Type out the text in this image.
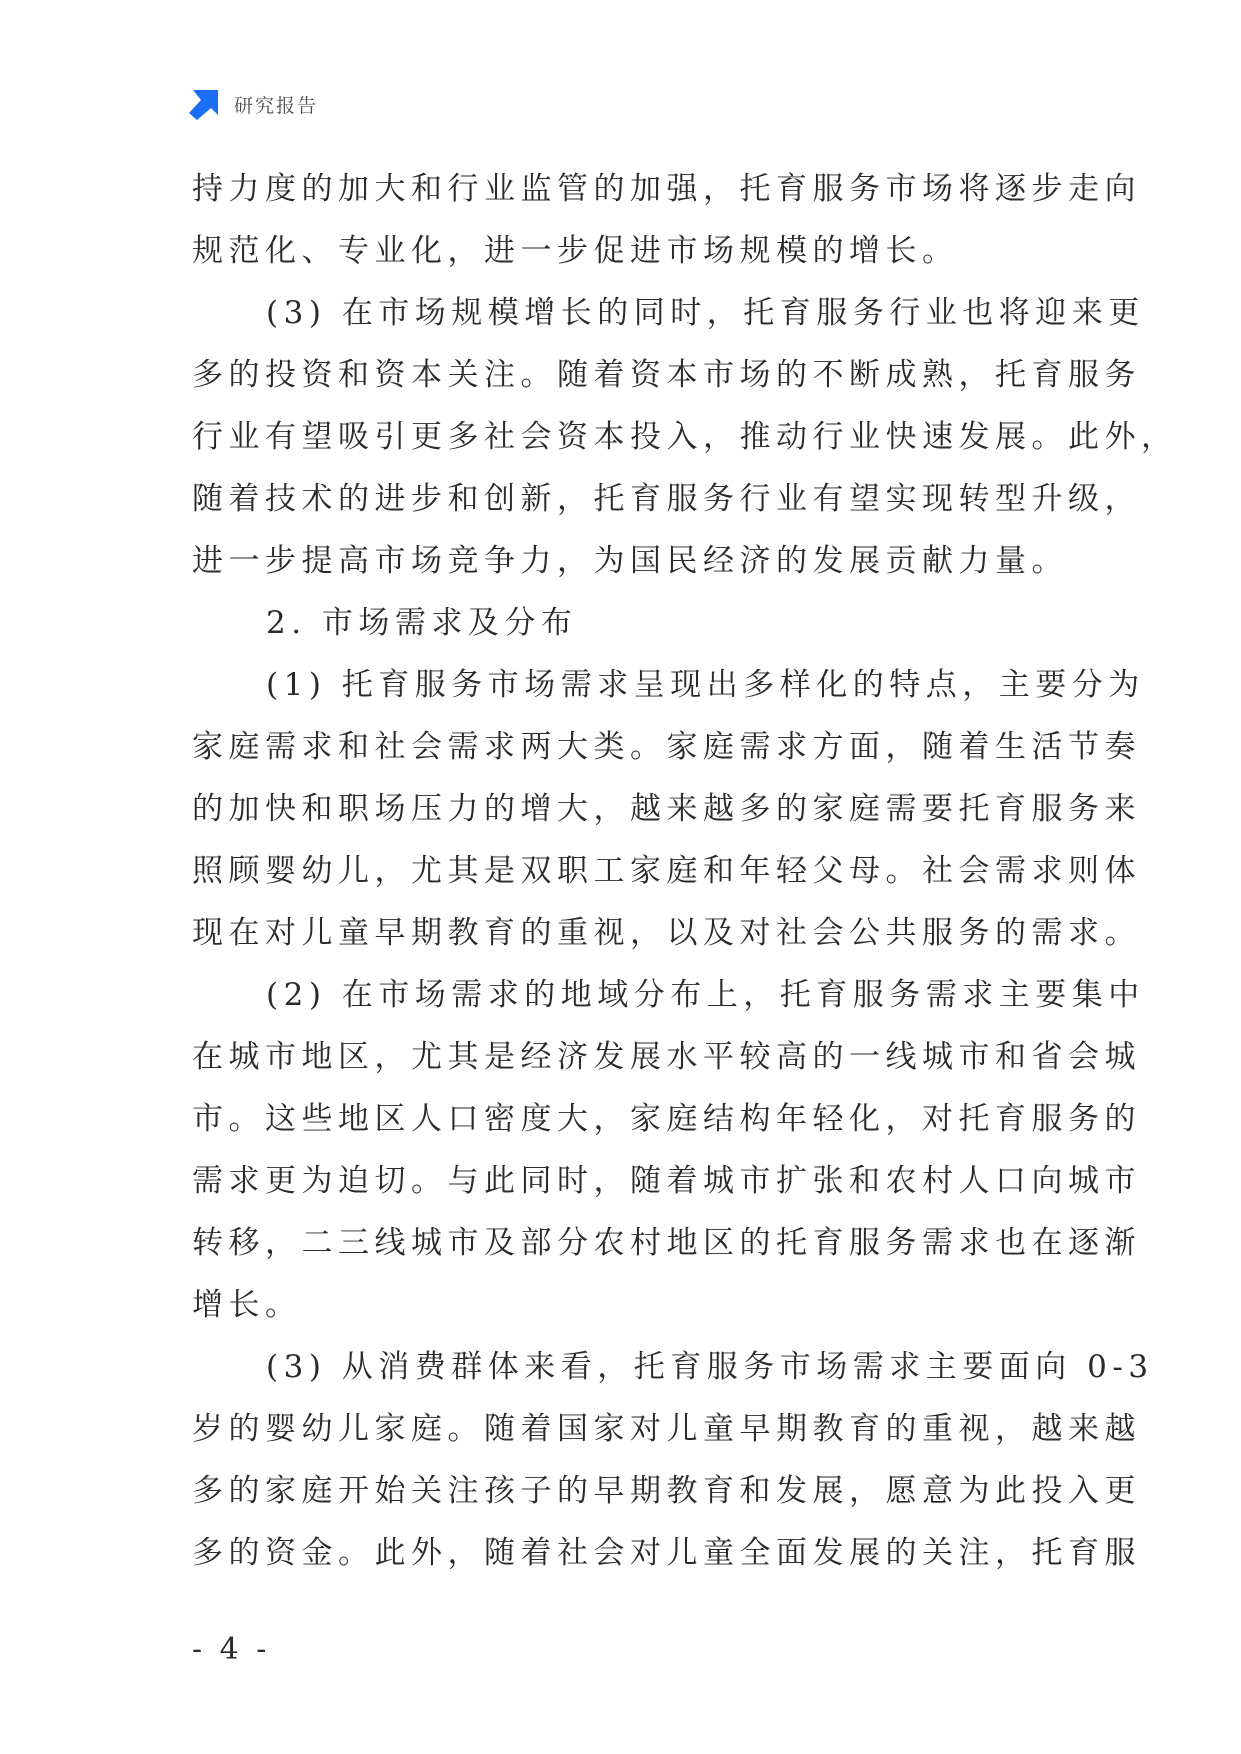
研究报告
持力度的加大和行业监管的加强，托育服务市场将逐步走向
规范化、专业化，进一步促进市场规模的增长。
(3) 在市场规模增长的同时，托育服务行业也将迎来更
多的投资和资本关注。随着资本市场的不断成熟，托育服务
行业有望吸引更多社会资本投入，推动行业快速发展。此外，
随着技术的进步和创新，托育服务行业有望实现转型升级，
进一步提高市场竞争力，为国民经济的发展贡献力量。
2. 市场需求及分布
(1) 托育服务市场需求呈现出多样化的特点，主要分为
家庭需求和社会需求两大类。家庭需求方面，随着生活节奏
的加快和职场压力的增大，越来越多的家庭需要托育服务来
照顾婴幼儿，尤其是双职工家庭和年轻父母。社会需求则体
现在对儿童早期教育的重视，以及对社会公共服务的需求。
(2) 在市场需求的地域分布上，托育服务需求主要集中
在城市地区，尤其是经济发展水平较高的一线城市和省会城
市。这些地区人口密度大，家庭结构年轻化，对托育服务的
需求更为迫切。与此同时，随着城市扩张和农村人口向城市
转移，二三线城市及部分农村地区的托育服务需求也在逐渐
增长。
(3) 从消费群体来看，托育服务市场需求主要面向 0-3
岁的婴幼儿家庭。随着国家对儿童早期教育的重视，越来越
多的家庭开始关注孩子的早期教育和发展，愿意为此投入更
多的资金。此外，随着社会对儿童全面发展的关注，托育服
- 4 -
